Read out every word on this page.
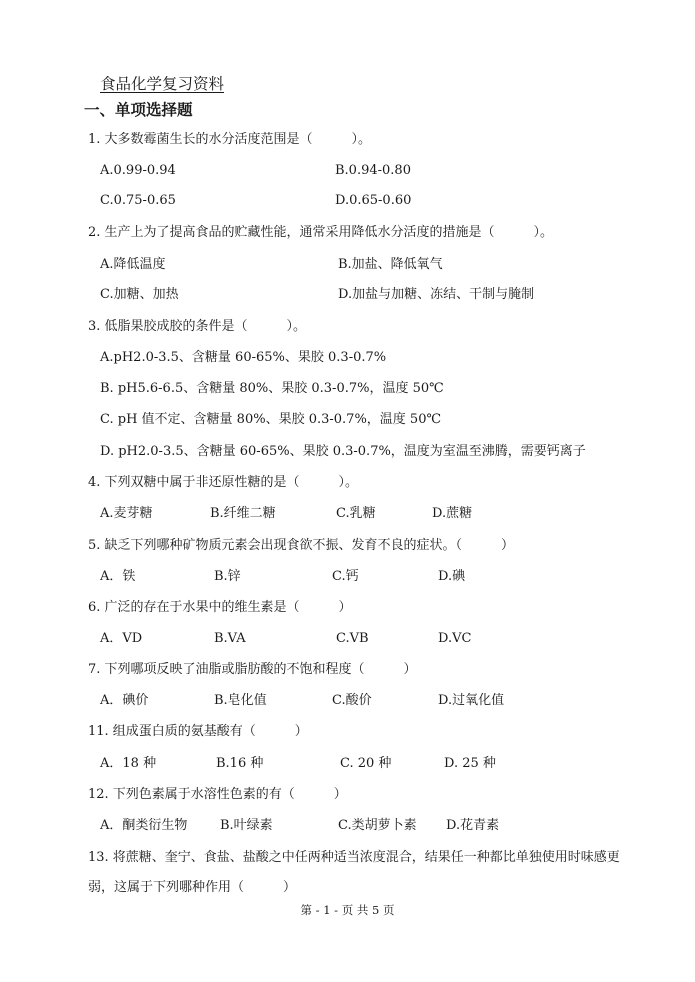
食品化学复习资料
一、单项选择题
1. 大多数霉菌生长的水分活度范围是（　　　）。
A.0.99-0.94	B.0.94-0.80
C.0.75-0.65	D.0.65-0.60
2. 生产上为了提高食品的贮藏性能，通常采用降低水分活度的措施是（　　　）。
A.降低温度	B.加盐、降低氧气
C.加糖、加热	D.加盐与加糖、冻结、干制与腌制
3. 低脂果胶成胶的条件是（　　　）。
A.pH2.0-3.5、含糖量 60-65%、果胶 0.3-0.7%
B. pH5.6-6.5、含糖量 80%、果胶 0.3-0.7%，温度 50℃
C. pH 值不定、含糖量 80%、果胶 0.3-0.7%，温度 50℃
D. pH2.0-3.5、含糖量 60-65%、果胶 0.3-0.7%，温度为室温至沸腾，需要钙离子
4. 下列双糖中属于非还原性糖的是（　　　）。
A.麦芽糖	B.纤维二糖	C.乳糖	D.蔗糖
5. 缺乏下列哪种矿物质元素会出现食欲不振、发育不良的症状。（　　　）
A．铁	B.锌	C.钙	D.碘
6. 广泛的存在于水果中的维生素是（　　　）
A．VD	B.VA	C.VB	D.VC
7. 下列哪项反映了油脂或脂肪酸的不饱和程度（　　　）
A．碘价	B.皂化值	C.酸价	D.过氧化值
11. 组成蛋白质的氨基酸有（　　　）
A．18 种	B.16 种	C. 20 种	D. 25 种
12. 下列色素属于水溶性色素的有（　　　）
A．酮类衍生物	B.叶绿素	C.类胡萝卜素 D.花青素
13. 将蔗糖、奎宁、食盐、盐酸之中任两种适当浓度混合，结果任一种都比单独使用时味感更
弱，这属于下列哪种作用（　　　）
第 - 1 - 页 共 5 页
